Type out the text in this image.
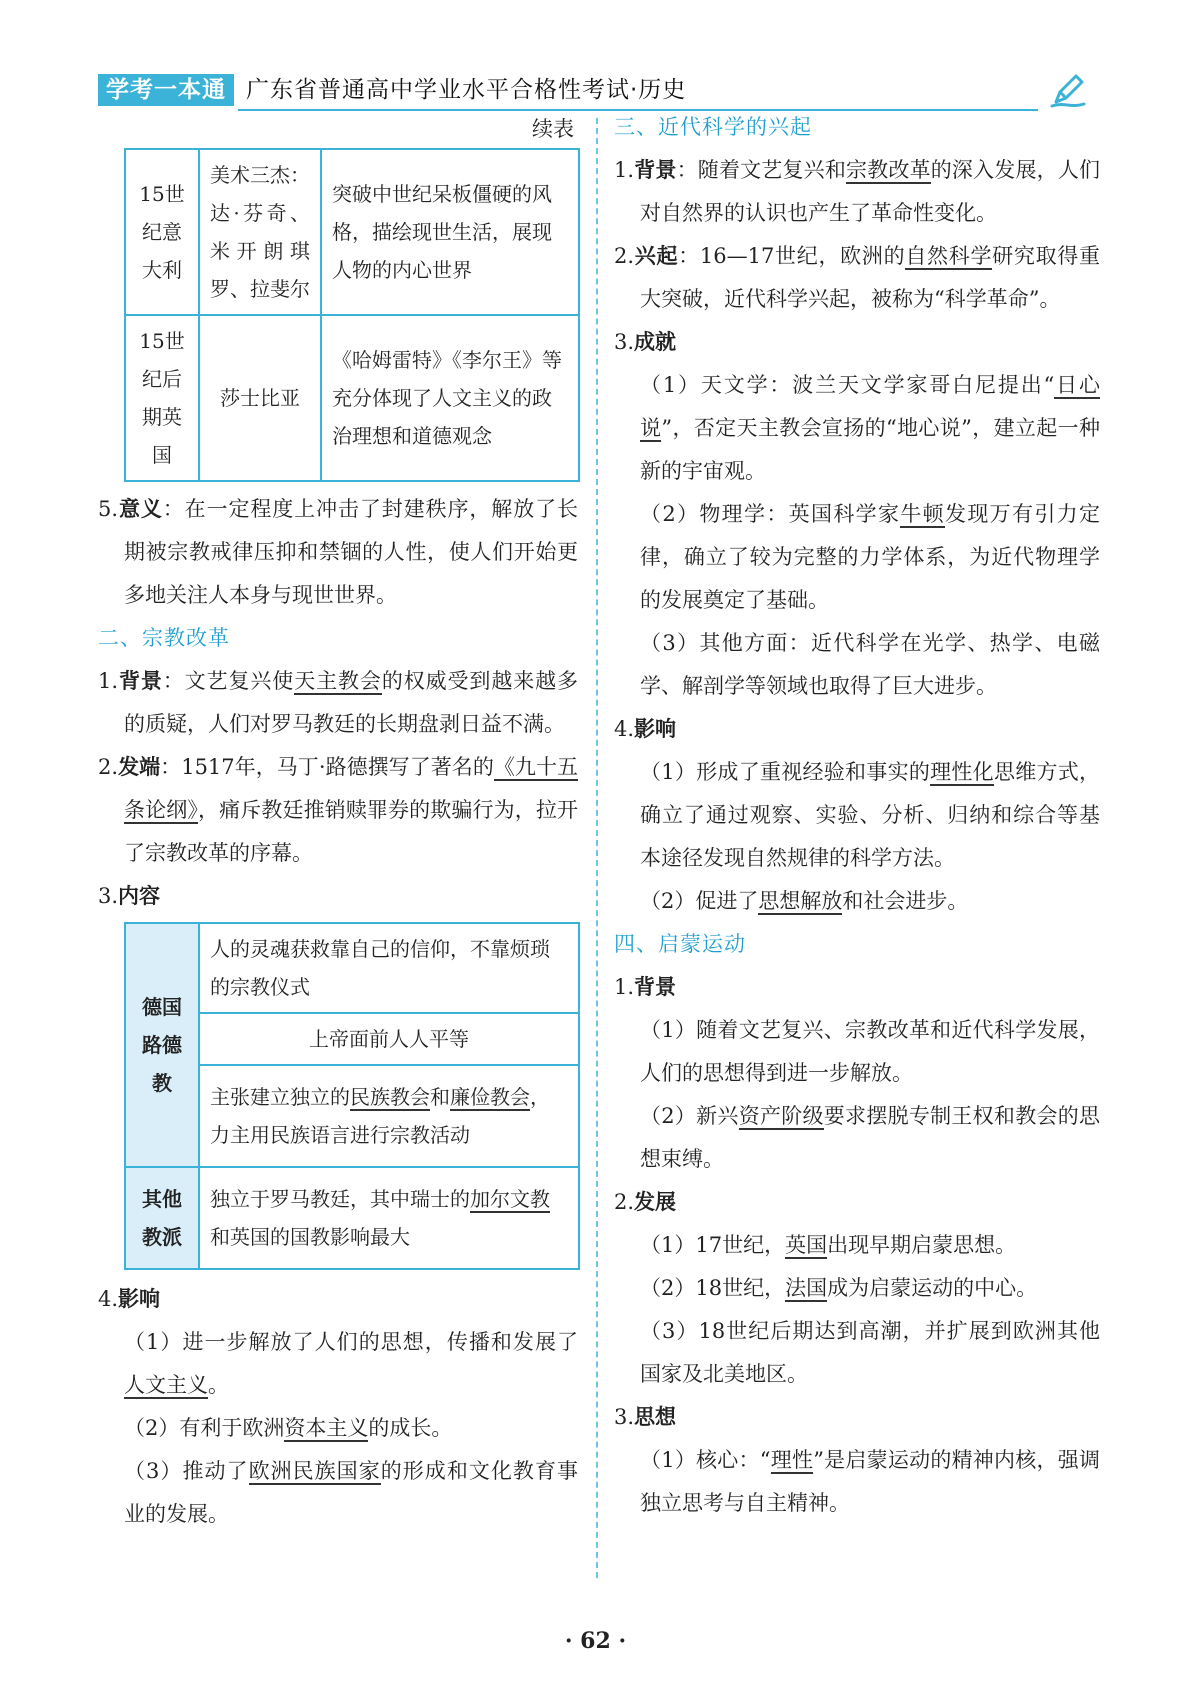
学考一本通 广东省普通高中学业水平合格性考试·历史

续表

15世纪意大利	美术三杰：达·芬奇、米开朗琪罗、拉斐尔	突破中世纪呆板僵硬的风格，描绘现世生活，展现人物的内心世界
15世纪后期英国	莎士比亚	《哈姆雷特》《李尔王》等充分体现了人文主义的政治理想和道德观念

5.意义：在一定程度上冲击了封建秩序，解放了长期被宗教戒律压抑和禁锢的人性，使人们开始更多地关注人本身与现世世界。

二、宗教改革

1.背景：文艺复兴使天主教会的权威受到越来越多的质疑，人们对罗马教廷的长期盘剥日益不满。

2.发端：1517年，马丁·路德撰写了著名的《九十五条论纲》，痛斥教廷推销赎罪券的欺骗行为，拉开了宗教改革的序幕。

3.内容

德国路德教	人的灵魂获救靠自己的信仰，不靠烦琐的宗教仪式
	上帝面前人人平等
	主张建立独立的民族教会和廉俭教会，力主用民族语言进行宗教活动
其他教派	独立于罗马教廷，其中瑞士的加尔文教和英国的国教影响最大

4.影响

（1）进一步解放了人们的思想，传播和发展了人文主义。

（2）有利于欧洲资本主义的成长。

（3）推动了欧洲民族国家的形成和文化教育事业的发展。

三、近代科学的兴起

1.背景：随着文艺复兴和宗教改革的深入发展，人们对自然界的认识也产生了革命性变化。

2.兴起：16—17世纪，欧洲的自然科学研究取得重大突破，近代科学兴起，被称为“科学革命”。

3.成就

（1）天文学：波兰天文学家哥白尼提出“日心说”，否定天主教会宣扬的“地心说”，建立起一种新的宇宙观。

（2）物理学：英国科学家牛顿发现万有引力定律，确立了较为完整的力学体系，为近代物理学的发展奠定了基础。

（3）其他方面：近代科学在光学、热学、电磁学、解剖学等领域也取得了巨大进步。

4.影响

（1）形成了重视经验和事实的理性化思维方式，确立了通过观察、实验、分析、归纳和综合等基本途径发现自然规律的科学方法。

（2）促进了思想解放和社会进步。

四、启蒙运动

1.背景

（1）随着文艺复兴、宗教改革和近代科学发展，人们的思想得到进一步解放。

（2）新兴资产阶级要求摆脱专制王权和教会的思想束缚。

2.发展

（1）17世纪，英国出现早期启蒙思想。

（2）18世纪，法国成为启蒙运动的中心。

（3）18世纪后期达到高潮，并扩展到欧洲其他国家及北美地区。

3.思想

（1）核心：“理性”是启蒙运动的精神内核，强调独立思考与自主精神。

· 62 ·
